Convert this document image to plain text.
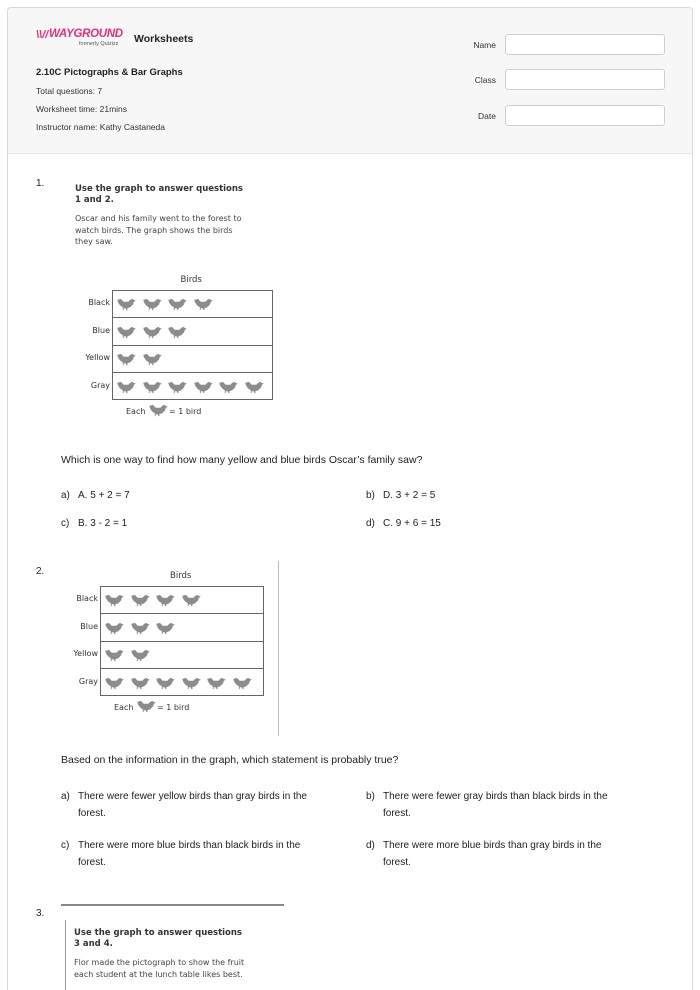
\\// WAYGROUND
formerly Quizizz Worksheets
2.10C Pictographs & Bar Graphs
Total questions: 7
Worksheet time: 21mins
Instructor name: Kathy Castaneda
Name
Class
Date
1.	Use the graph to answer questions
1 and 2.
Oscar and his family went to the forest to
watch birds. The graph shows the birds
they saw.
Birds
Black
Blue
Yellow
Gray
Each	= 1 bird
Which is one way to find how many yellow and blue birds Oscar’s family saw?
a) A. 5 + 2 = 7	b) D. 3 + 2 = 5
c) B. 3 - 2 = 1	d) C. 9 + 6 = 15
2.	Birds
Black
Blue
Yellow
Gray
Each	= 1 bird
Based on the information in the graph, which statement is probably true?
a) There were fewer yellow birds than gray birds in the
forest.
b) There were fewer gray birds than black birds in the
forest.
c) There were more blue birds than black birds in the
forest.
d) There were more blue birds than gray birds in the
forest.
3.
Use the graph to answer questions
3 and 4.
Flor made the pictograph to show the fruit
each student at the lunch table likes best.
